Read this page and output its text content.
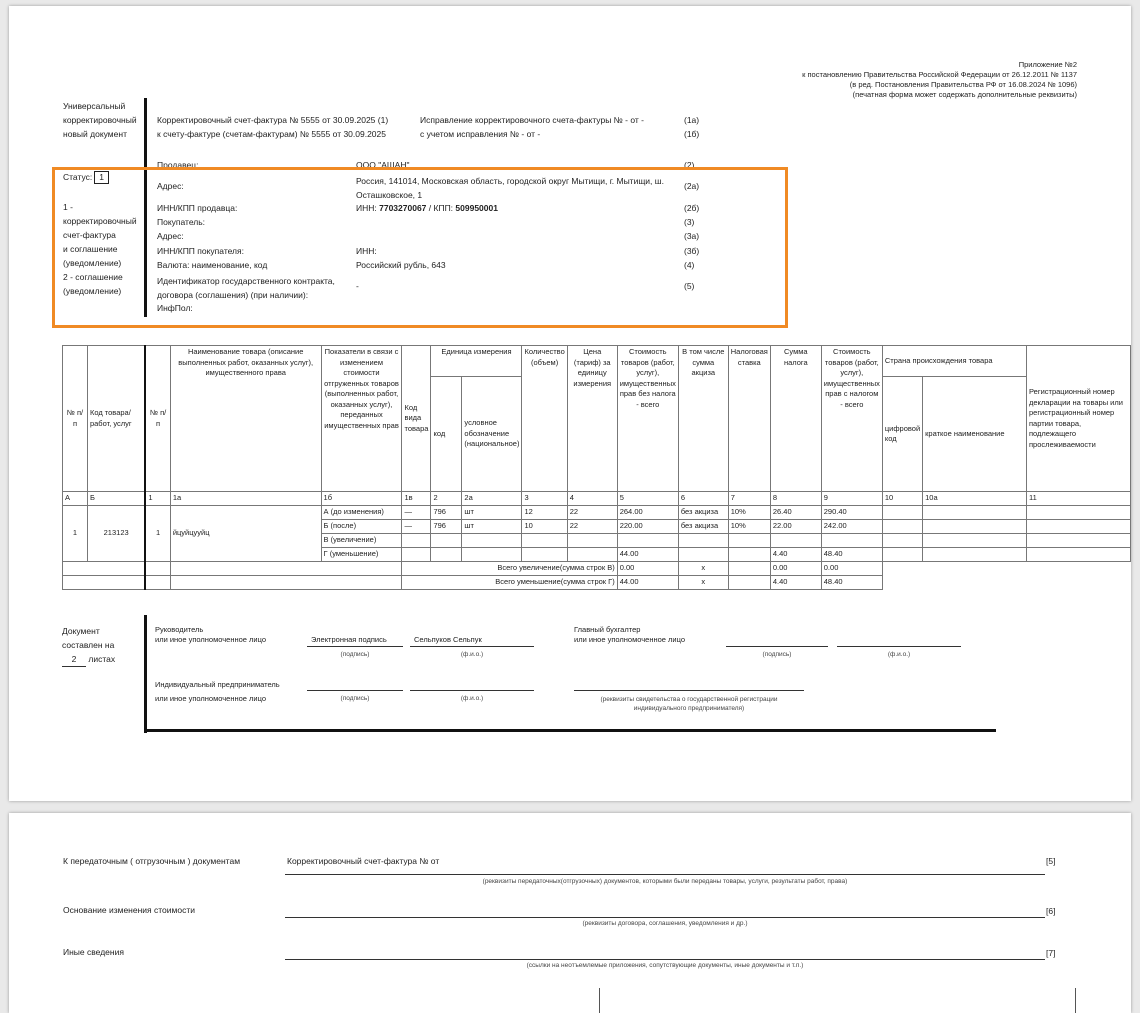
Приложение №2
к постановлению Правительства Российской Федерации от 26.12.2011 № 1137
(в ред. Постановления Правительства РФ от 16.08.2024 № 1096)
(печатная форма может содержать дополнительные реквизиты)
Универсальный
корректировочный
новый документ
Статус: 1
1 -
корректировочный
счет-фактура
и соглашение
(уведомление)
2 - соглашение
(уведомление)
Корректировочный счет-фактура № 5555 от 30.09.2025 (1)
к счету-фактуре (счетам-фактурам) № 5555 от 30.09.2025
Исправление корректировочного счета-фактуры № - от -	(1а)
с учетом исправления № - от -	(1б)
Продавец:	ООО "АШАН"	(2)
Адрес:	Россия, 141014, Московская область, городской округ Мытищи, г. Мытищи, ш.
Осташковское, 1
(2а)
ИНН/КПП продавца:	ИНН: 7703270067 / КПП: 509950001	(2б)
Покупатель:	(3)
Адрес:	(3а)
ИНН/КПП покупателя:	ИНН:	(3б)
Валюта: наименование, код	Российский рубль, 643	(4)
Идентификатор государственного контракта,
договора (соглашения) (при наличии):
-	(5)
ИнфПол:
№ п/п	Код товара/ работ, услуг	№ п/п	Наименование товара (описание выполненных работ, оказанных услуг), имущественного права	Показатели в связи с изменением стоимости отгруженных товаров (выполненных работ, оказанных услуг), переданных имущественных прав	Код вида товара	Единица измерения		Количество (объем)	Цена (тариф) за единицу измерения	Стоимость товаров (работ, услуг), имущественных прав без налога - всего	В том числе сумма акциза	Налоговая ставка	Сумма налога	Стоимость товаров (работ, услуг), имущественных прав с налогом - всего	Страна происхождения товара		Регистрационный номер декларации на товары или регистрационный номер партии товара, подлежащего прослеживаемости
						код	условное обозначение (национальное)								цифровой код	краткое наименование	
А	Б	1	1а	1б	1в	2	2а	3	4	5	6	7	8	9	10	10а	11
1	213123	1	йцуйцууйц	А (до изменения)	—	796	шт	12	22	264.00	без акциза	10%	26.40	290.40			
				Б (после)	—	796	шт	10	22	220.00	без акциза	10%	22.00	242.00			
				В (увеличение)													
				Г (уменьшение)						44.00			4.40	48.40			
					Всего увеличение(сумма строк В)					0.00	х		0.00	0.00			
					Всего уменьшение(сумма строк Г)					44.00	х		4.40	48.40			
Документ
составлен на
2 листах
Руководитель
или иное уполномоченное лицо	Электронная подпись
(подпись)
Сельпуков Сельпук
(ф.и.о.)
Главный бухгалтер
или иное уполномоченное лицо
(подпись)	(ф.и.о.)
Индивидуальный предприниматель
или иное уполномоченное лицо	(подпись)	(ф.и.о.)	(реквизиты свидетельства о государственной регистрации
индивидуального предпринимателя)
К передаточным ( отгрузочным ) документам	Корректировочный счет-фактура № от	[5]
(реквизиты передаточных(отгрузочных) документов, которыми были переданы товары, услуги, результаты работ, права)
Основание изменения стоимости	[6]
(реквизиты договора, соглашения, уведомления и др.)
Иные сведения	[7]
(ссылки на неотъемлемые приложения, сопутствующие документы, иные документы и т.п.)
